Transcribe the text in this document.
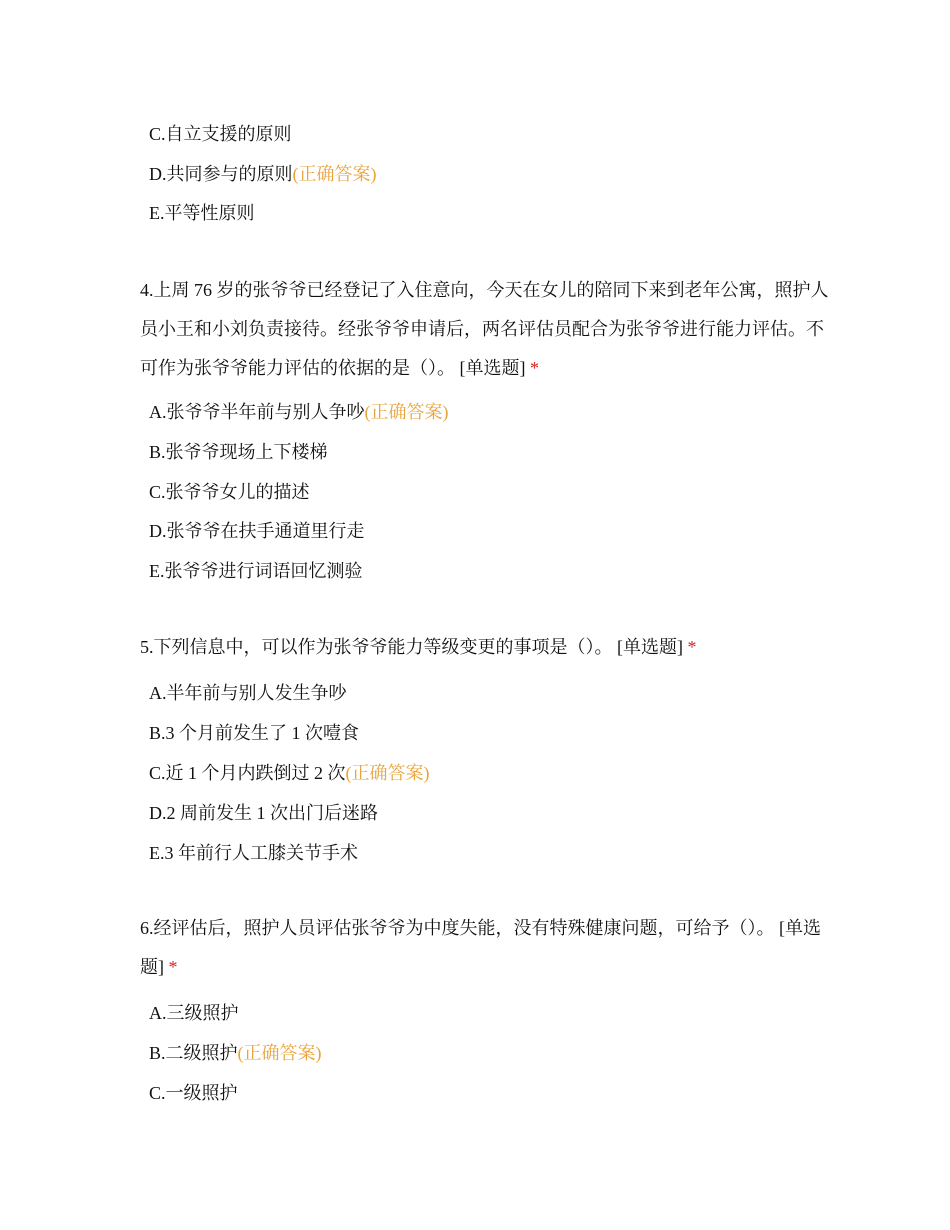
C.自立支援的原则
D.共同参与的原则(正确答案)
E.平等性原则
4.上周 76 岁的张爷爷已经登记了入住意向，今天在女儿的陪同下来到老年公寓，照护人员小王和小刘负责接待。经张爷爷申请后，两名评估员配合为张爷爷进行能力评估。不可作为张爷爷能力评估的依据的是（）。 [单选题] *
A.张爷爷半年前与别人争吵(正确答案)
B.张爷爷现场上下楼梯
C.张爷爷女儿的描述
D.张爷爷在扶手通道里行走
E.张爷爷进行词语回忆测验
5.下列信息中，可以作为张爷爷能力等级变更的事项是（）。 [单选题] *
A.半年前与别人发生争吵
B.3 个月前发生了 1 次噎食
C.近 1 个月内跌倒过 2 次(正确答案)
D.2 周前发生 1 次出门后迷路
E.3 年前行人工膝关节手术
6.经评估后，照护人员评估张爷爷为中度失能，没有特殊健康问题，可给予（）。 [单选题] *
A.三级照护
B.二级照护(正确答案)
C.一级照护
